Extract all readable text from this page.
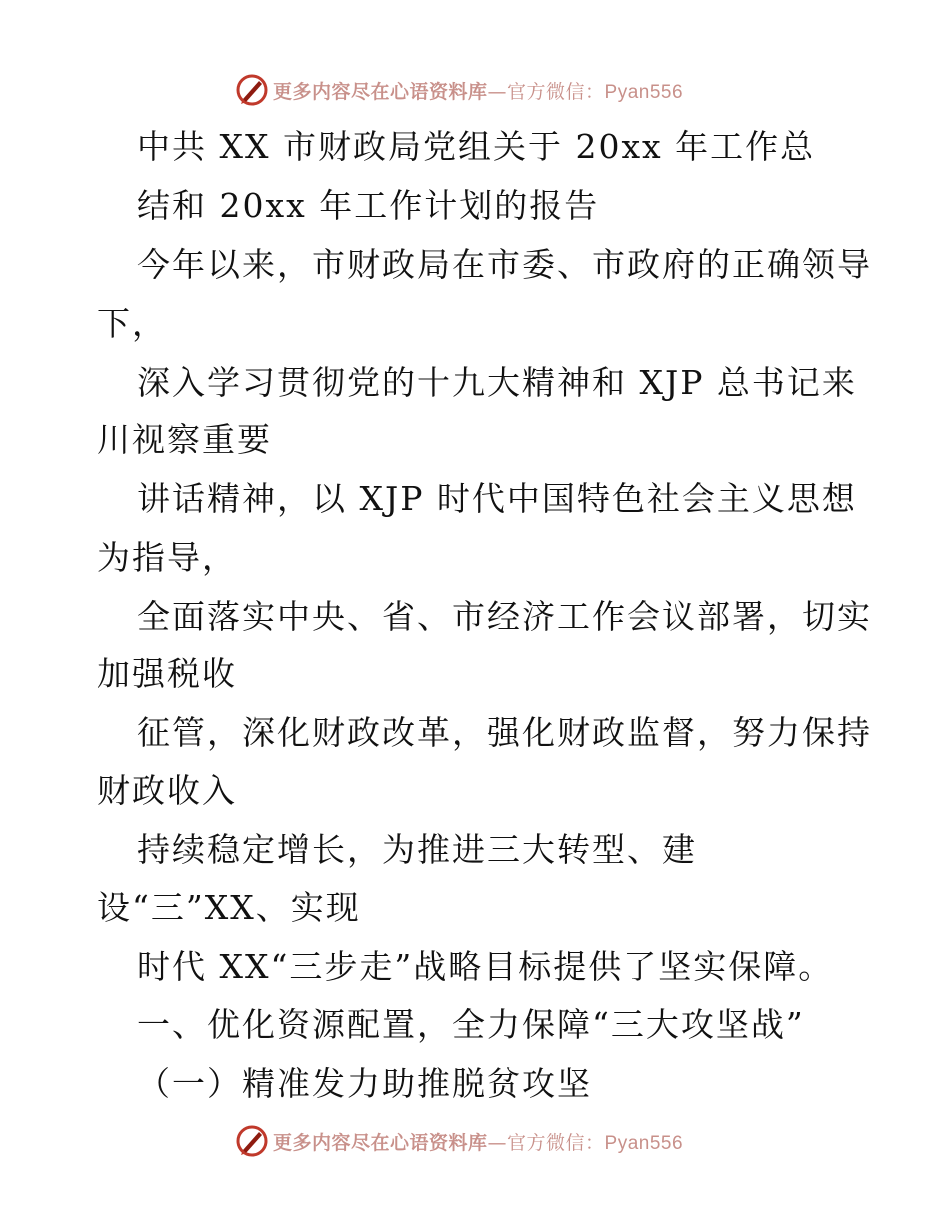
更多内容尽在心语资料库—官方微信：Pyan556
中共 XX 市财政局党组关于 20xx 年工作总
结和 20xx 年工作计划的报告
今年以来，市财政局在市委、市政府的正确领导
下，
深入学习贯彻党的十九大精神和 XJP 总书记来
川视察重要
讲话精神，以 XJP 时代中国特色社会主义思想
为指导，
全面落实中央、省、市经济工作会议部署，切实
加强税收
征管，深化财政改革，强化财政监督，努力保持
财政收入
持续稳定增长，为推进三大转型、建
设“三”XX、实现
时代 XX“三步走”战略目标提供了坚实保障。
一、优化资源配置，全力保障“三大攻坚战”
（一）精准发力助推脱贫攻坚
更多内容尽在心语资料库—官方微信：Pyan556
